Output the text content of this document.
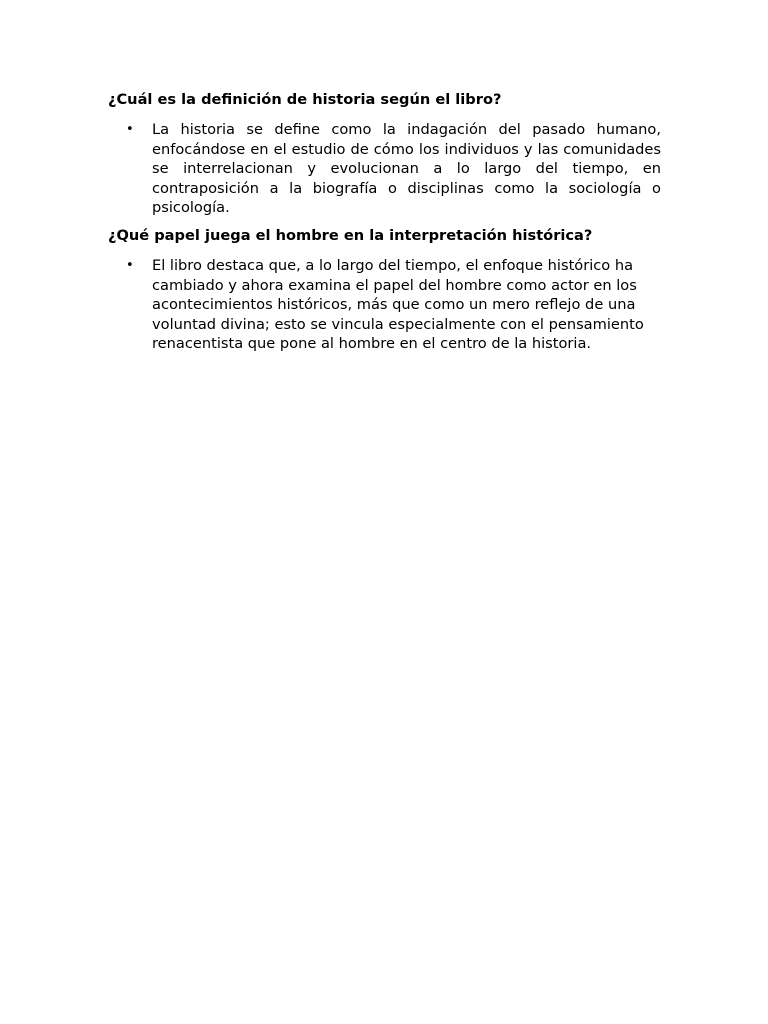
¿Cuál es la definición de historia según el libro?
• La historia se define como la indagación del pasado humano, enfocándose en el estudio de cómo los individuos y las comunidades se interrelacionan y evolucionan a lo largo del tiempo, en contraposición a la biografía o disciplinas como la sociología o psicología.
¿Qué papel juega el hombre en la interpretación histórica?
• El libro destaca que, a lo largo del tiempo, el enfoque histórico ha cambiado y ahora examina el papel del hombre como actor en los acontecimientos históricos, más que como un mero reflejo de una voluntad divina; esto se vincula especialmente con el pensamiento renacentista que pone al hombre en el centro de la historia.
